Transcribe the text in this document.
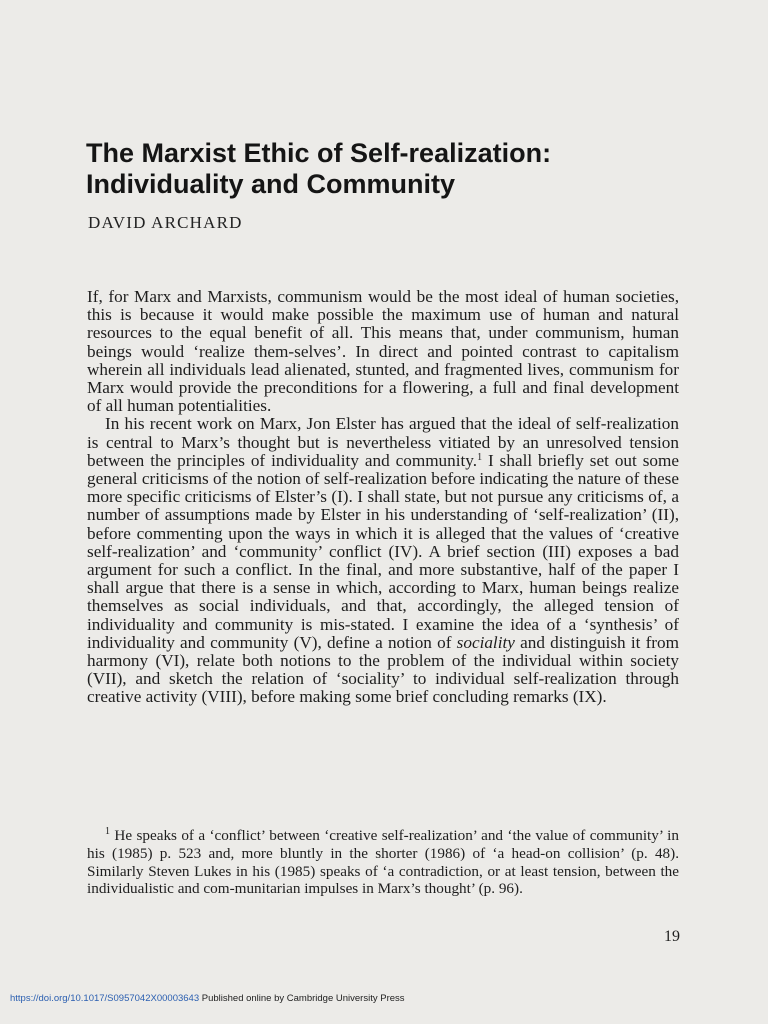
The Marxist Ethic of Self-realization:
Individuality and Community
DAVID ARCHARD

If, for Marx and Marxists, communism would be the most ideal of human societies, this is because it would make possible the maximum use of human and natural resources to the equal benefit of all. This means that, under communism, human beings would ‘realize them-selves’. In direct and pointed contrast to capitalism wherein all individuals lead alienated, stunted, and fragmented lives, communism for Marx would provide the preconditions for a flowering, a full and final development of all human potentialities.

In his recent work on Marx, Jon Elster has argued that the ideal of self-realization is central to Marx’s thought but is nevertheless vitiated by an unresolved tension between the principles of individuality and community.$^1$ I shall briefly set out some general criticisms of the notion of self-realization before indicating the nature of these more specific criticisms of Elster’s (I). I shall state, but not pursue any criticisms of, a number of assumptions made by Elster in his understanding of ‘self-realization’ (II), before commenting upon the ways in which it is alleged that the values of ‘creative self-realization’ and ‘community’ conflict (IV). A brief section (III) exposes a bad argument for such a conflict. In the final, and more substantive, half of the paper I shall argue that there is a sense in which, according to Marx, human beings realize themselves as social individuals, and that, accordingly, the alleged tension of individuality and community is mis-stated. I examine the idea of a ‘synthesis’ of individuality and community (V), define a notion of sociality and distinguish it from harmony (VI), relate both notions to the problem of the individual within society (VII), and sketch the relation of ‘sociality’ to individual self-realization through creative activity (VIII), before making some brief concluding remarks (IX).

$^1$ He speaks of a ‘conflict’ between ‘creative self-realization’ and ‘the value of community’ in his (1985) p. 523 and, more bluntly in the shorter (1986) of ‘a head-on collision’ (p. 48). Similarly Steven Lukes in his (1985) speaks of ‘a contradiction, or at least tension, between the individualistic and com-munitarian impulses in Marx’s thought’ (p. 96).

19
https://doi.org/10.1017/S0957042X00003643 Published online by Cambridge University Press
